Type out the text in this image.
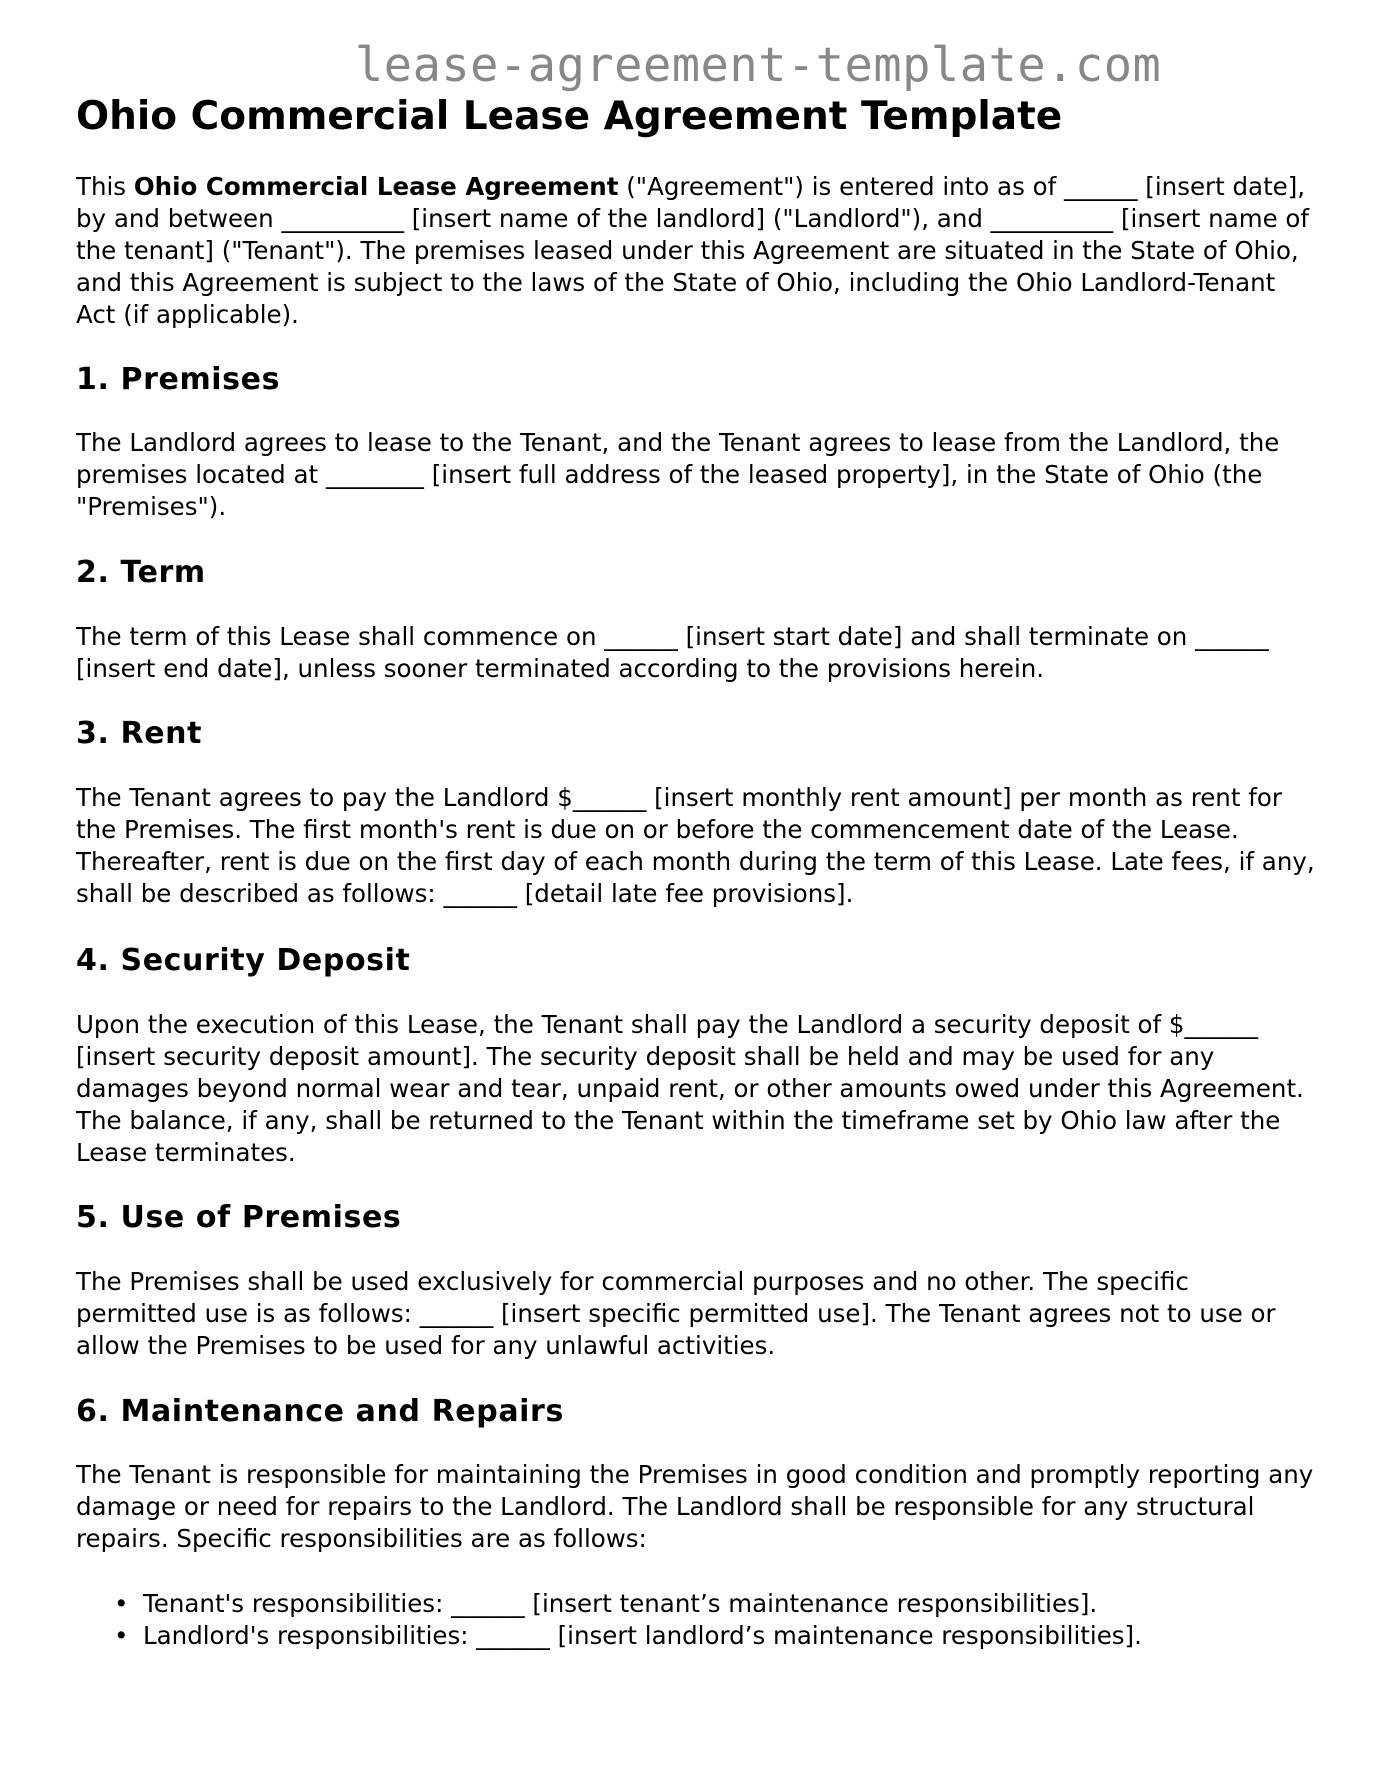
lease-agreement-template.com
Ohio Commercial Lease Agreement Template

This Ohio Commercial Lease Agreement ("Agreement") is entered into as of ______ [insert date], by and between __________ [insert name of the landlord] ("Landlord"), and __________ [insert name of the tenant] ("Tenant"). The premises leased under this Agreement are situated in the State of Ohio, and this Agreement is subject to the laws of the State of Ohio, including the Ohio Landlord-Tenant Act (if applicable).

1. Premises

The Landlord agrees to lease to the Tenant, and the Tenant agrees to lease from the Landlord, the premises located at ________ [insert full address of the leased property], in the State of Ohio (the "Premises").

2. Term

The term of this Lease shall commence on ______ [insert start date] and shall terminate on ______ [insert end date], unless sooner terminated according to the provisions herein.

3. Rent

The Tenant agrees to pay the Landlord $______ [insert monthly rent amount] per month as rent for the Premises. The first month's rent is due on or before the commencement date of the Lease. Thereafter, rent is due on the first day of each month during the term of this Lease. Late fees, if any, shall be described as follows: ______ [detail late fee provisions].

4. Security Deposit

Upon the execution of this Lease, the Tenant shall pay the Landlord a security deposit of $______ [insert security deposit amount]. The security deposit shall be held and may be used for any damages beyond normal wear and tear, unpaid rent, or other amounts owed under this Agreement. The balance, if any, shall be returned to the Tenant within the timeframe set by Ohio law after the Lease terminates.

5. Use of Premises

The Premises shall be used exclusively for commercial purposes and no other. The specific permitted use is as follows: ______ [insert specific permitted use]. The Tenant agrees not to use or allow the Premises to be used for any unlawful activities.

6. Maintenance and Repairs

The Tenant is responsible for maintaining the Premises in good condition and promptly reporting any damage or need for repairs to the Landlord. The Landlord shall be responsible for any structural repairs. Specific responsibilities are as follows:

• Tenant's responsibilities: ______ [insert tenant’s maintenance responsibilities].
• Landlord's responsibilities: ______ [insert landlord’s maintenance responsibilities].
